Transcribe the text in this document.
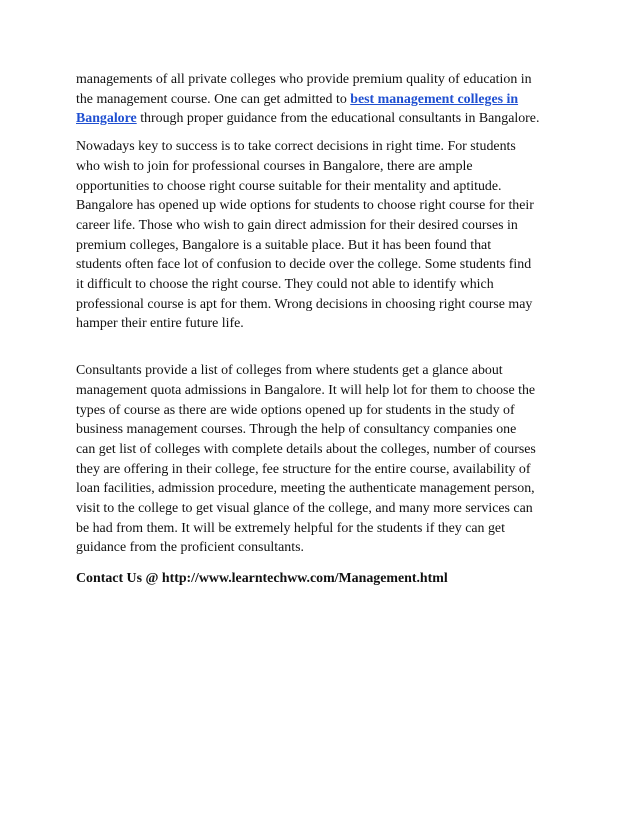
managements of all private colleges who provide premium quality of education in
the management course. One can get admitted to best management colleges in
Bangalore through proper guidance from the educational consultants in Bangalore.
Nowadays key to success is to take correct decisions in right time. For students
who wish to join for professional courses in Bangalore, there are ample
opportunities to choose right course suitable for their mentality and aptitude.
Bangalore has opened up wide options for students to choose right course for their
career life. Those who wish to gain direct admission for their desired courses in
premium colleges, Bangalore is a suitable place. But it has been found that
students often face lot of confusion to decide over the college. Some students find
it difficult to choose the right course. They could not able to identify which
professional course is apt for them. Wrong decisions in choosing right course may
hamper their entire future life.
Consultants provide a list of colleges from where students get a glance about
management quota admissions in Bangalore. It will help lot for them to choose the
types of course as there are wide options opened up for students in the study of
business management courses. Through the help of consultancy companies one
can get list of colleges with complete details about the colleges, number of courses
they are offering in their college, fee structure for the entire course, availability of
loan facilities, admission procedure, meeting the authenticate management person,
visit to the college to get visual glance of the college, and many more services can
be had from them. It will be extremely helpful for the students if they can get
guidance from the proficient consultants.
Contact Us @ http://www.learntechww.com/Management.html
